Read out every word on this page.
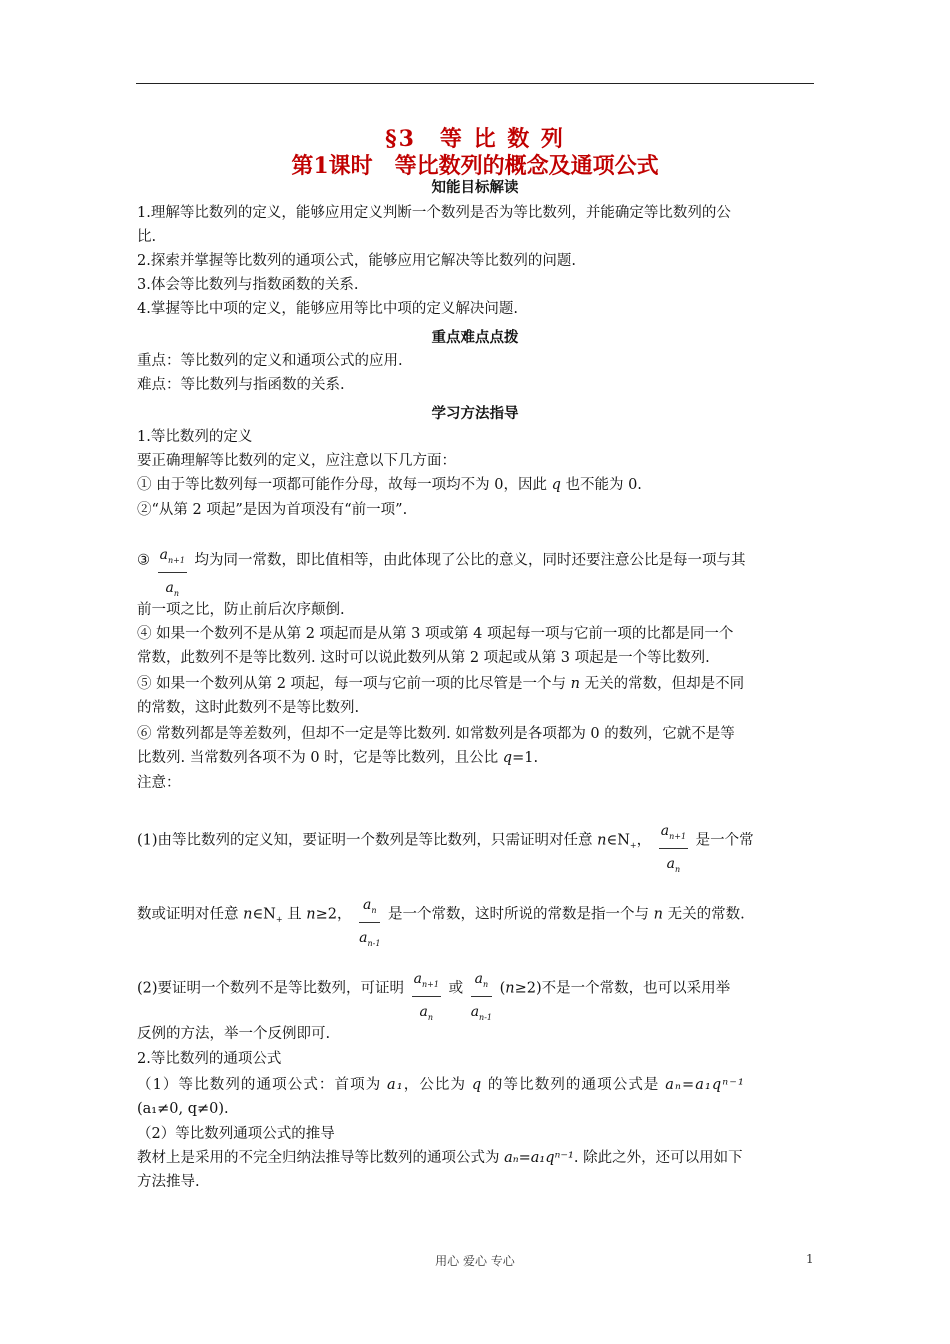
§3　等 比 数 列
第1课时　等比数列的概念及通项公式
知能目标解读
1.理解等比数列的定义，能够应用定义判断一个数列是否为等比数列，并能确定等比数列的公
比.
2.探索并掌握等比数列的通项公式，能够应用它解决等比数列的问题.
3.体会等比数列与指数函数的关系.
4.掌握等比中项的定义，能够应用等比中项的定义解决问题.
重点难点点拨
重点：等比数列的定义和通项公式的应用.
难点：等比数列与指函数的关系.
学习方法指导
1.等比数列的定义
要正确理解等比数列的定义，应注意以下几方面：
① 由于等比数列每一项都可能作分母，故每一项均不为 0，因此 q 也不能为 0.
②“从第 2 项起”是因为首项没有“前一项”.
③ $\frac{a_{n+1}}{a_n}$ 均为同一常数，即比值相等，由此体现了公比的意义，同时还要注意公比是每一项与其
前一项之比，防止前后次序颠倒.
④ 如果一个数列不是从第 2 项起而是从第 3 项或第 4 项起每一项与它前一项的比都是同一个
常数，此数列不是等比数列. 这时可以说此数列从第 2 项起或从第 3 项起是一个等比数列.
⑤ 如果一个数列从第 2 项起，每一项与它前一项的比尽管是一个与 n 无关的常数，但却是不同
的常数，这时此数列不是等比数列.
⑥ 常数列都是等差数列，但却不一定是等比数列. 如常数列是各项都为 0 的数列，它就不是等
比数列. 当常数列各项不为 0 时，它是等比数列，且公比 q=1.
注意：
(1)由等比数列的定义知，要证明一个数列是等比数列，只需证明对任意 $n\in N_+$， $\frac{a_{n+1}}{a_n}$ 是一个常
数或证明对任意 $n\in N_+$ 且 n≥2， $\frac{a_n}{a_{n-1}}$ 是一个常数，这时所说的常数是指一个与 n 无关的常数.
(2)要证明一个数列不是等比数列，可证明 $\frac{a_{n+1}}{a_n}$ 或 $\frac{a_n}{a_{n-1}} (n\ge 2)$不是一个常数，也可以采用举
反例的方法，举一个反例即可.
2.等比数列的通项公式
（1）等比数列的通项公式：首项为 a₁，公比为 q 的等比数列的通项公式是 aₙ=a₁qⁿ⁻¹
(a₁≠0, q≠0).
（2）等比数列通项公式的推导
教材上是采用的不完全归纳法推导等比数列的通项公式为 aₙ=a₁qⁿ⁻¹. 除此之外，还可以用如下
方法推导.
用心 爱心 专心	1
